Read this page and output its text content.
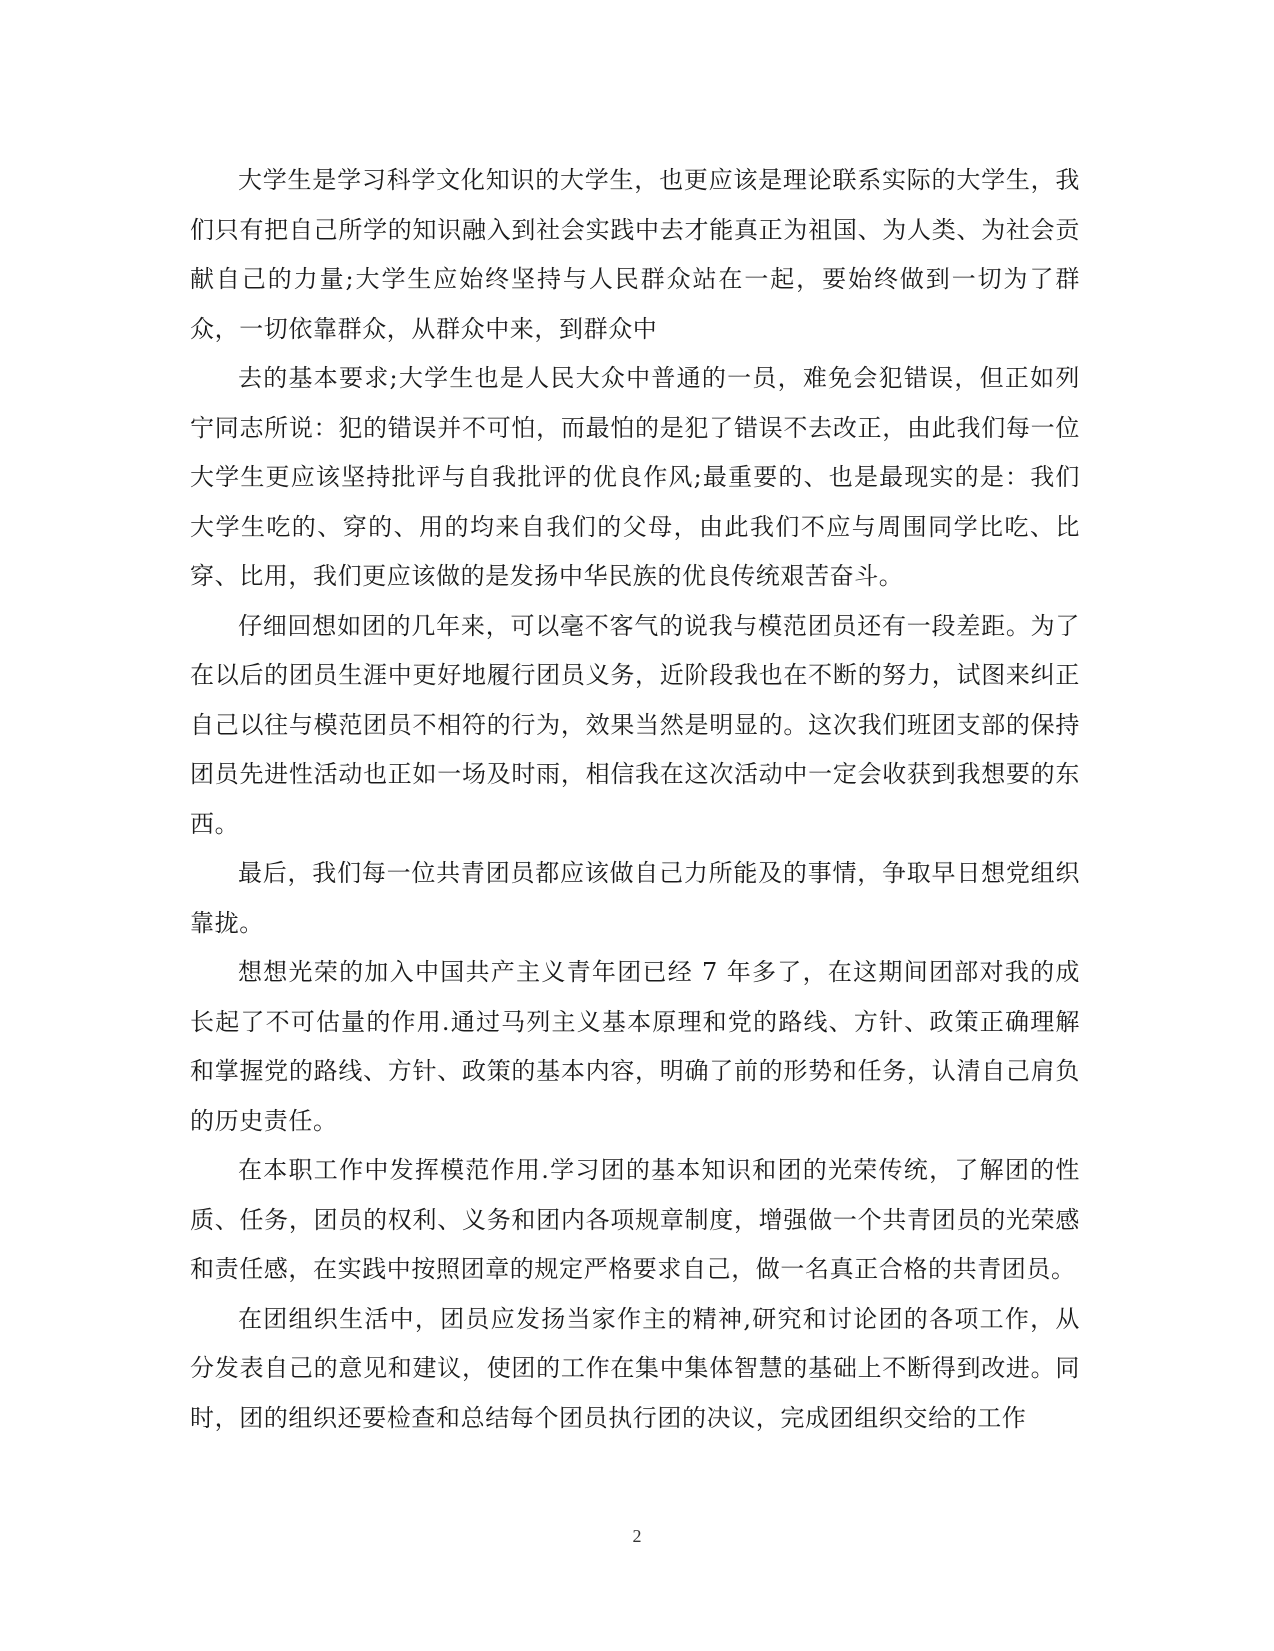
大学生是学习科学文化知识的大学生，也更应该是理论联系实际的大学生，我们只有把自己所学的知识融入到社会实践中去才能真正为祖国、为人类、为社会贡献自己的力量;大学生应始终坚持与人民群众站在一起，要始终做到一切为了群众，一切依靠群众，从群众中来，到群众中

去的基本要求;大学生也是人民大众中普通的一员，难免会犯错误，但正如列宁同志所说：犯的错误并不可怕，而最怕的是犯了错误不去改正，由此我们每一位大学生更应该坚持批评与自我批评的优良作风;最重要的、也是最现实的是：我们大学生吃的、穿的、用的均来自我们的父母，由此我们不应与周围同学比吃、比穿、比用，我们更应该做的是发扬中华民族的优良传统艰苦奋斗。

仔细回想如团的几年来，可以毫不客气的说我与模范团员还有一段差距。为了在以后的团员生涯中更好地履行团员义务，近阶段我也在不断的努力，试图来纠正自己以往与模范团员不相符的行为，效果当然是明显的。这次我们班团支部的保持团员先进性活动也正如一场及时雨，相信我在这次活动中一定会收获到我想要的东西。

最后，我们每一位共青团员都应该做自己力所能及的事情，争取早日想党组织靠拢。

想想光荣的加入中国共产主义青年团已经 7 年多了，在这期间团部对我的成长起了不可估量的作用.通过马列主义基本原理和党的路线、方针、政策正确理解和掌握党的路线、方针、政策的基本内容，明确了前的形势和任务，认清自己肩负的历史责任。

在本职工作中发挥模范作用.学习团的基本知识和团的光荣传统，了解团的性质、任务，团员的权利、义务和团内各项规章制度，增强做一个共青团员的光荣感和责任感，在实践中按照团章的规定严格要求自己，做一名真正合格的共青团员。

在团组织生活中，团员应发扬当家作主的精神,研究和讨论团的各项工作，从分发表自己的意见和建议，使团的工作在集中集体智慧的基础上不断得到改进。同时，团的组织还要检查和总结每个团员执行团的决议，完成团组织交给的工作

2
